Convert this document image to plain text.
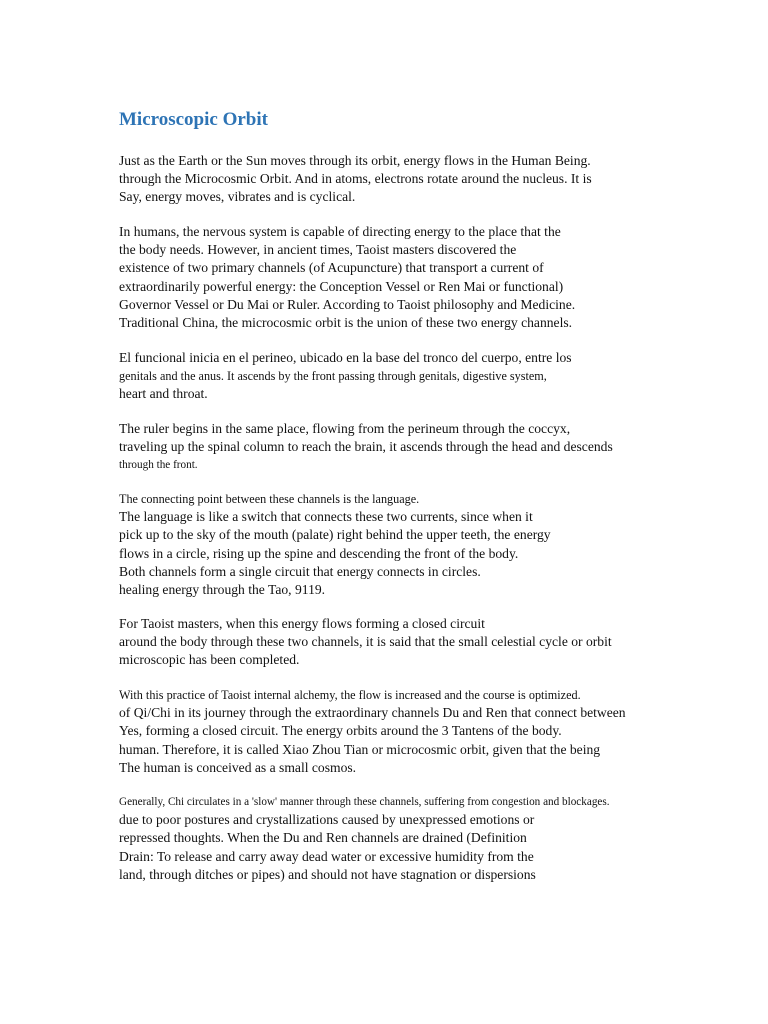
Microscopic Orbit

Just as the Earth or the Sun moves through its orbit, energy flows in the Human Being.
through the Microcosmic Orbit. And in atoms, electrons rotate around the nucleus. It is
Say, energy moves, vibrates and is cyclical.

In humans, the nervous system is capable of directing energy to the place that the
the body needs. However, in ancient times, Taoist masters discovered the
existence of two primary channels (of Acupuncture) that transport a current of
extraordinarily powerful energy: the Conception Vessel or Ren Mai or functional)
Governor Vessel or Du Mai or Ruler. According to Taoist philosophy and Medicine.
Traditional China, the microcosmic orbit is the union of these two energy channels.

El funcional inicia en el perineo, ubicado en la base del tronco del cuerpo, entre los
genitals and the anus. It ascends by the front passing through genitals, digestive system,
heart and throat.

The ruler begins in the same place, flowing from the perineum through the coccyx,
traveling up the spinal column to reach the brain, it ascends through the head and descends
through the front.

The connecting point between these channels is the language.
The language is like a switch that connects these two currents, since when it
pick up to the sky of the mouth (palate) right behind the upper teeth, the energy
flows in a circle, rising up the spine and descending the front of the body.
Both channels form a single circuit that energy connects in circles.
healing energy through the Tao, 9119.

For Taoist masters, when this energy flows forming a closed circuit
around the body through these two channels, it is said that the small celestial cycle or orbit
microscopic has been completed.

With this practice of Taoist internal alchemy, the flow is increased and the course is optimized.
of Qi/Chi in its journey through the extraordinary channels Du and Ren that connect between
Yes, forming a closed circuit. The energy orbits around the 3 Tantens of the body.
human. Therefore, it is called Xiao Zhou Tian or microcosmic orbit, given that the being
The human is conceived as a small cosmos.

Generally, Chi circulates in a 'slow' manner through these channels, suffering from congestion and blockages.
due to poor postures and crystallizations caused by unexpressed emotions or
repressed thoughts. When the Du and Ren channels are drained (Definition
Drain: To release and carry away dead water or excessive humidity from the
land, through ditches or pipes) and should not have stagnation or dispersions
